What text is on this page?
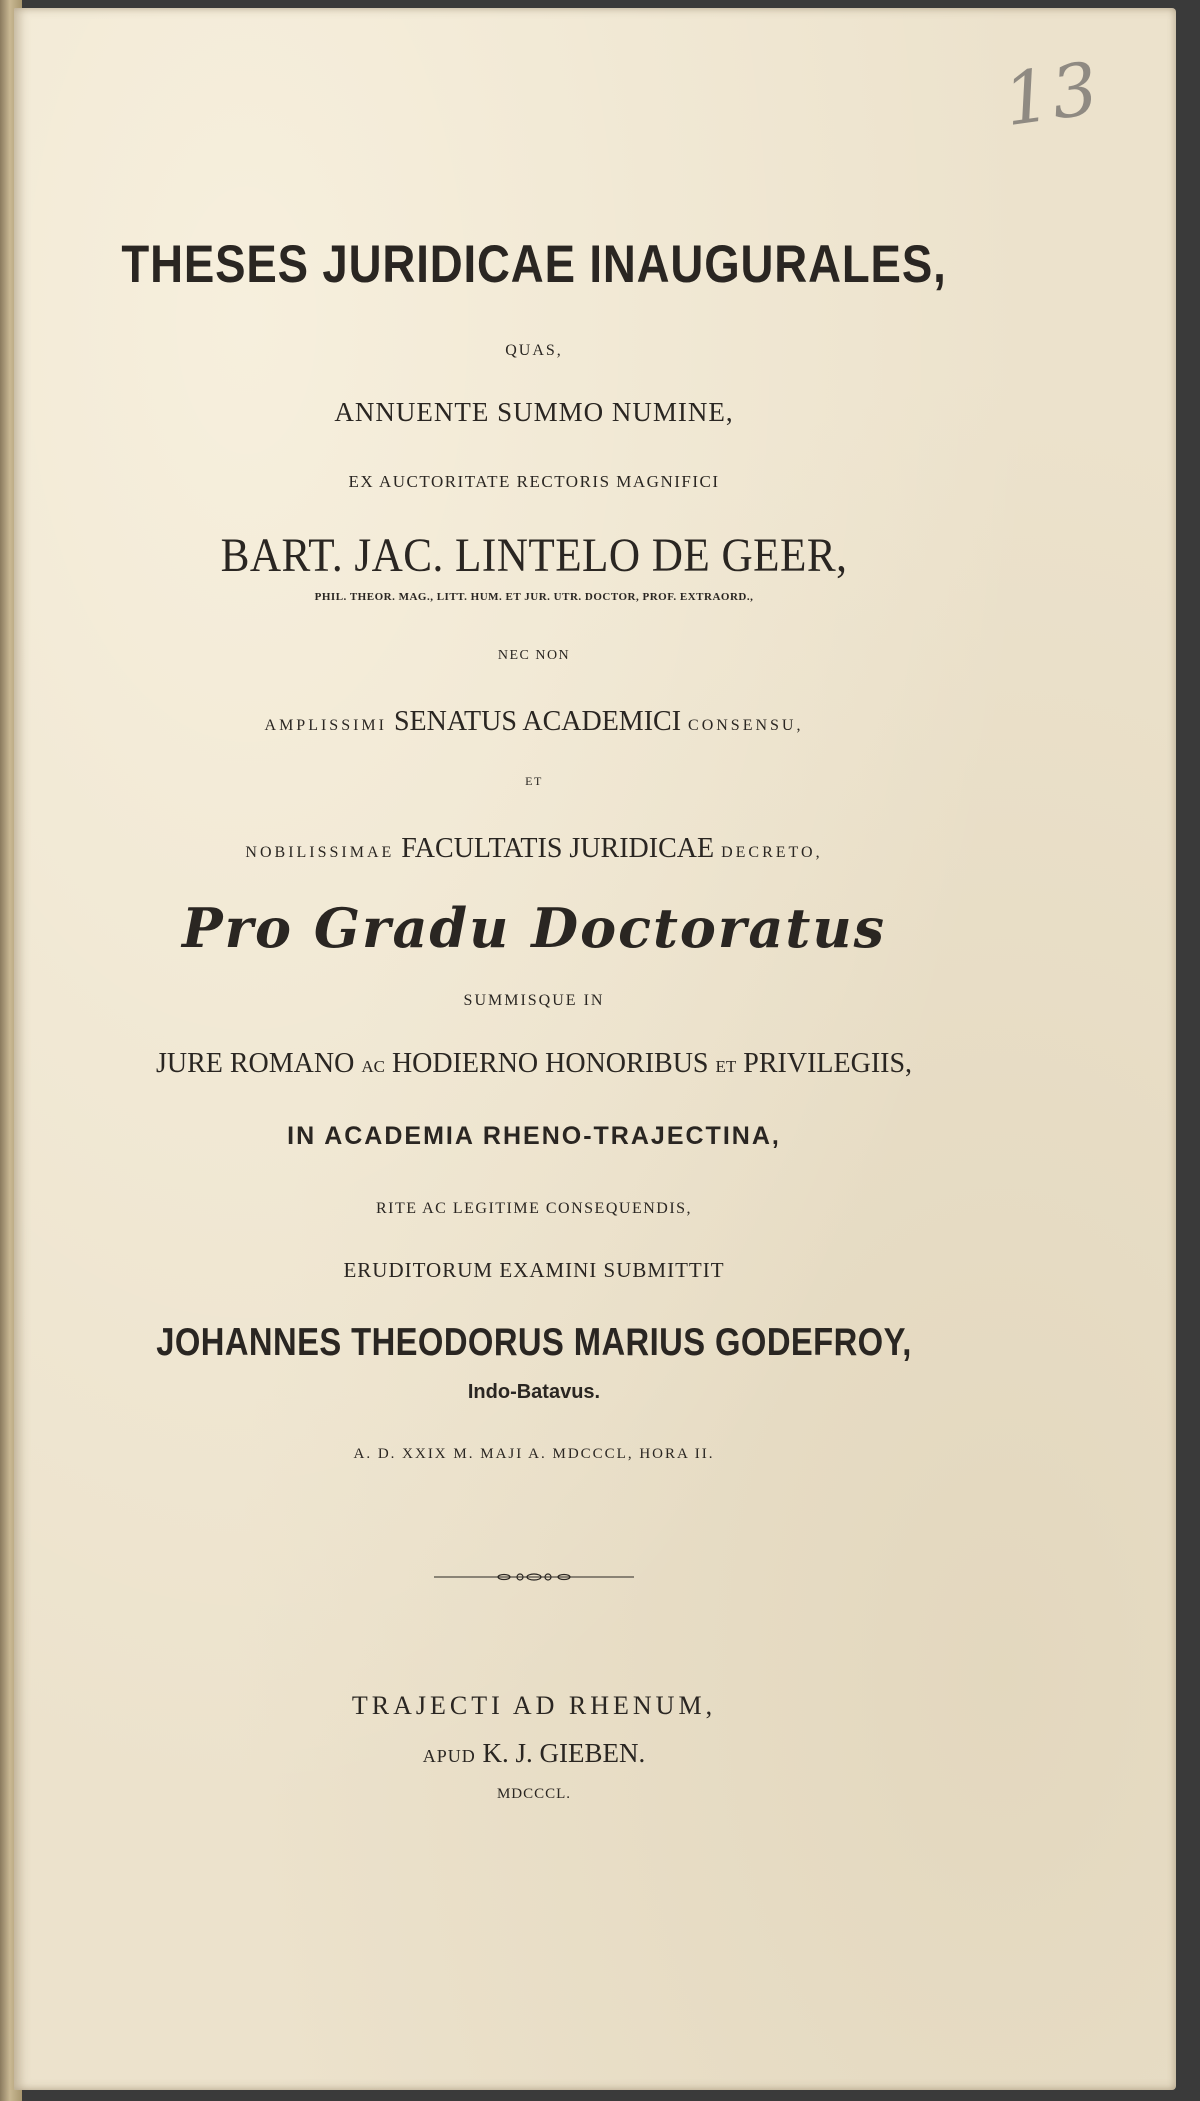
13
THESES JURIDICAE INAUGURALES,
QUAS,
ANNUENTE SUMMO NUMINE,
EX AUCTORITATE RECTORIS MAGNIFICI
BART. JAC. LINTELO DE GEER,
PHIL. THEOR. MAG., LITT. HUM. ET JUR. UTR. DOCTOR, PROF. EXTRAORD.,
NEC NON
AMPLISSIMI SENATUS ACADEMICI CONSENSU,
ET
NOBILISSIMAE FACULTATIS JURIDICAE DECRETO,
Pro Gradu Doctoratus
SUMMISQUE IN
JURE ROMANO AC HODIERNO HONORIBUS ET PRIVILEGIIS,
IN ACADEMIA RHENO-TRAJECTINA,
RITE AC LEGITIME CONSEQUENDIS,
ERUDITORUM EXAMINI SUBMITTIT
JOHANNES THEODORUS MARIUS GODEFROY,
Indo-Batavus.
A. D. XXIX M. MAJI A. MDCCCL, HORA II.
TRAJECTI AD RHENUM,
APUD K. J. GIEBEN.
MDCCCL.
